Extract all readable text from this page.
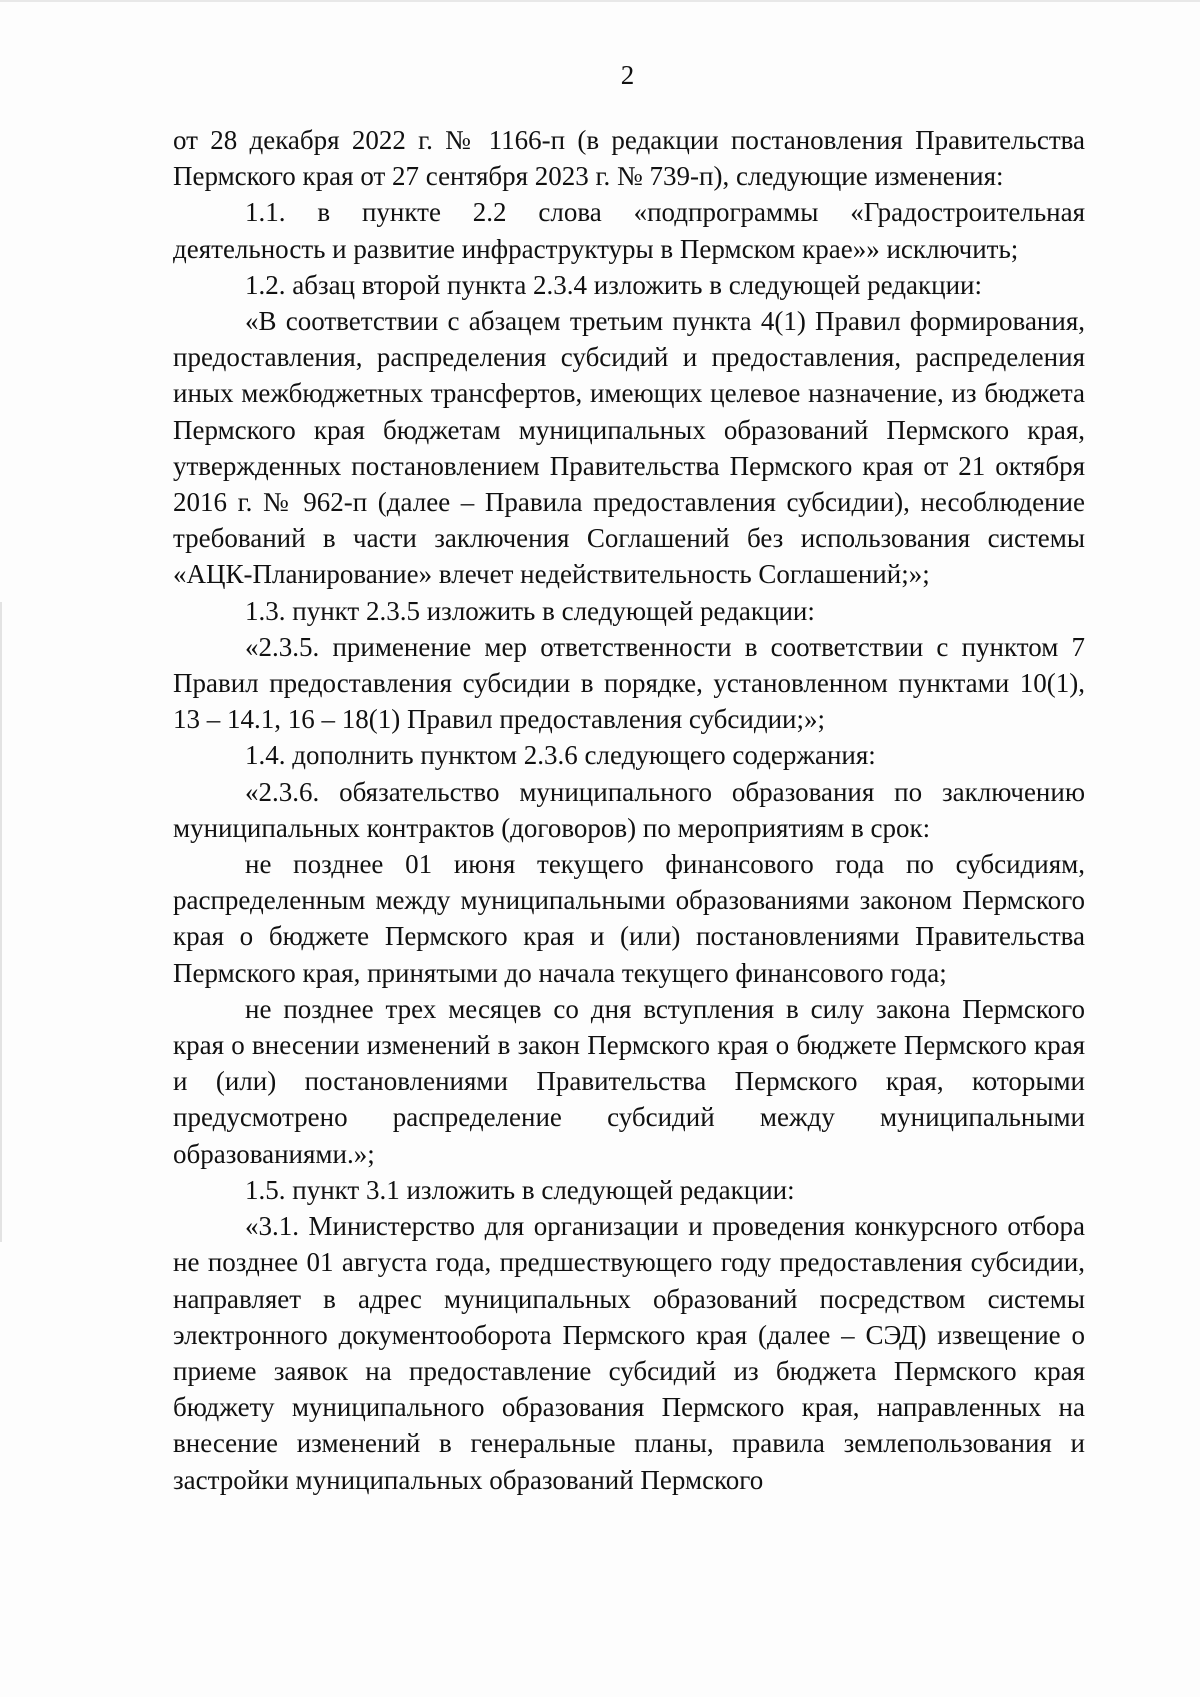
2

от 28 декабря 2022 г. № 1166-п (в редакции постановления Правительства Пермского края от 27 сентября 2023 г. № 739-п), следующие изменения:

1.1. в пункте 2.2 слова «подпрограммы «Градостроительная деятельность и развитие инфраструктуры в Пермском крае»» исключить;

1.2. абзац второй пункта 2.3.4 изложить в следующей редакции:

«В соответствии с абзацем третьим пункта 4(1) Правил формирования, предоставления, распределения субсидий и предоставления, распределения иных межбюджетных трансфертов, имеющих целевое назначение, из бюджета Пермского края бюджетам муниципальных образований Пермского края, утвержденных постановлением Правительства Пермского края от 21 октября 2016 г. № 962-п (далее – Правила предоставления субсидии), несоблюдение требований в части заключения Соглашений без использования системы «АЦК-Планирование» влечет недействительность Соглашений;»;

1.3. пункт 2.3.5 изложить в следующей редакции:

«2.3.5. применение мер ответственности в соответствии с пунктом 7 Правил предоставления субсидии в порядке, установленном пунктами 10(1), 13 – 14.1, 16 – 18(1) Правил предоставления субсидии;»;

1.4. дополнить пунктом 2.3.6 следующего содержания:

«2.3.6. обязательство муниципального образования по заключению муниципальных контрактов (договоров) по мероприятиям в срок:

не позднее 01 июня текущего финансового года по субсидиям, распределенным между муниципальными образованиями законом Пермского края о бюджете Пермского края и (или) постановлениями Правительства Пермского края, принятыми до начала текущего финансового года;

не позднее трех месяцев со дня вступления в силу закона Пермского края о внесении изменений в закон Пермского края о бюджете Пермского края и (или) постановлениями Правительства Пермского края, которыми предусмотрено распределение субсидий между муниципальными образованиями.»;

1.5. пункт 3.1 изложить в следующей редакции:

«3.1. Министерство для организации и проведения конкурсного отбора не позднее 01 августа года, предшествующего году предоставления субсидии, направляет в адрес муниципальных образований посредством системы электронного документооборота Пермского края (далее – СЭД) извещение о приеме заявок на предоставление субсидий из бюджета Пермского края бюджету муниципального образования Пермского края, направленных на внесение изменений в генеральные планы, правила землепользования и застройки муниципальных образований Пермского
